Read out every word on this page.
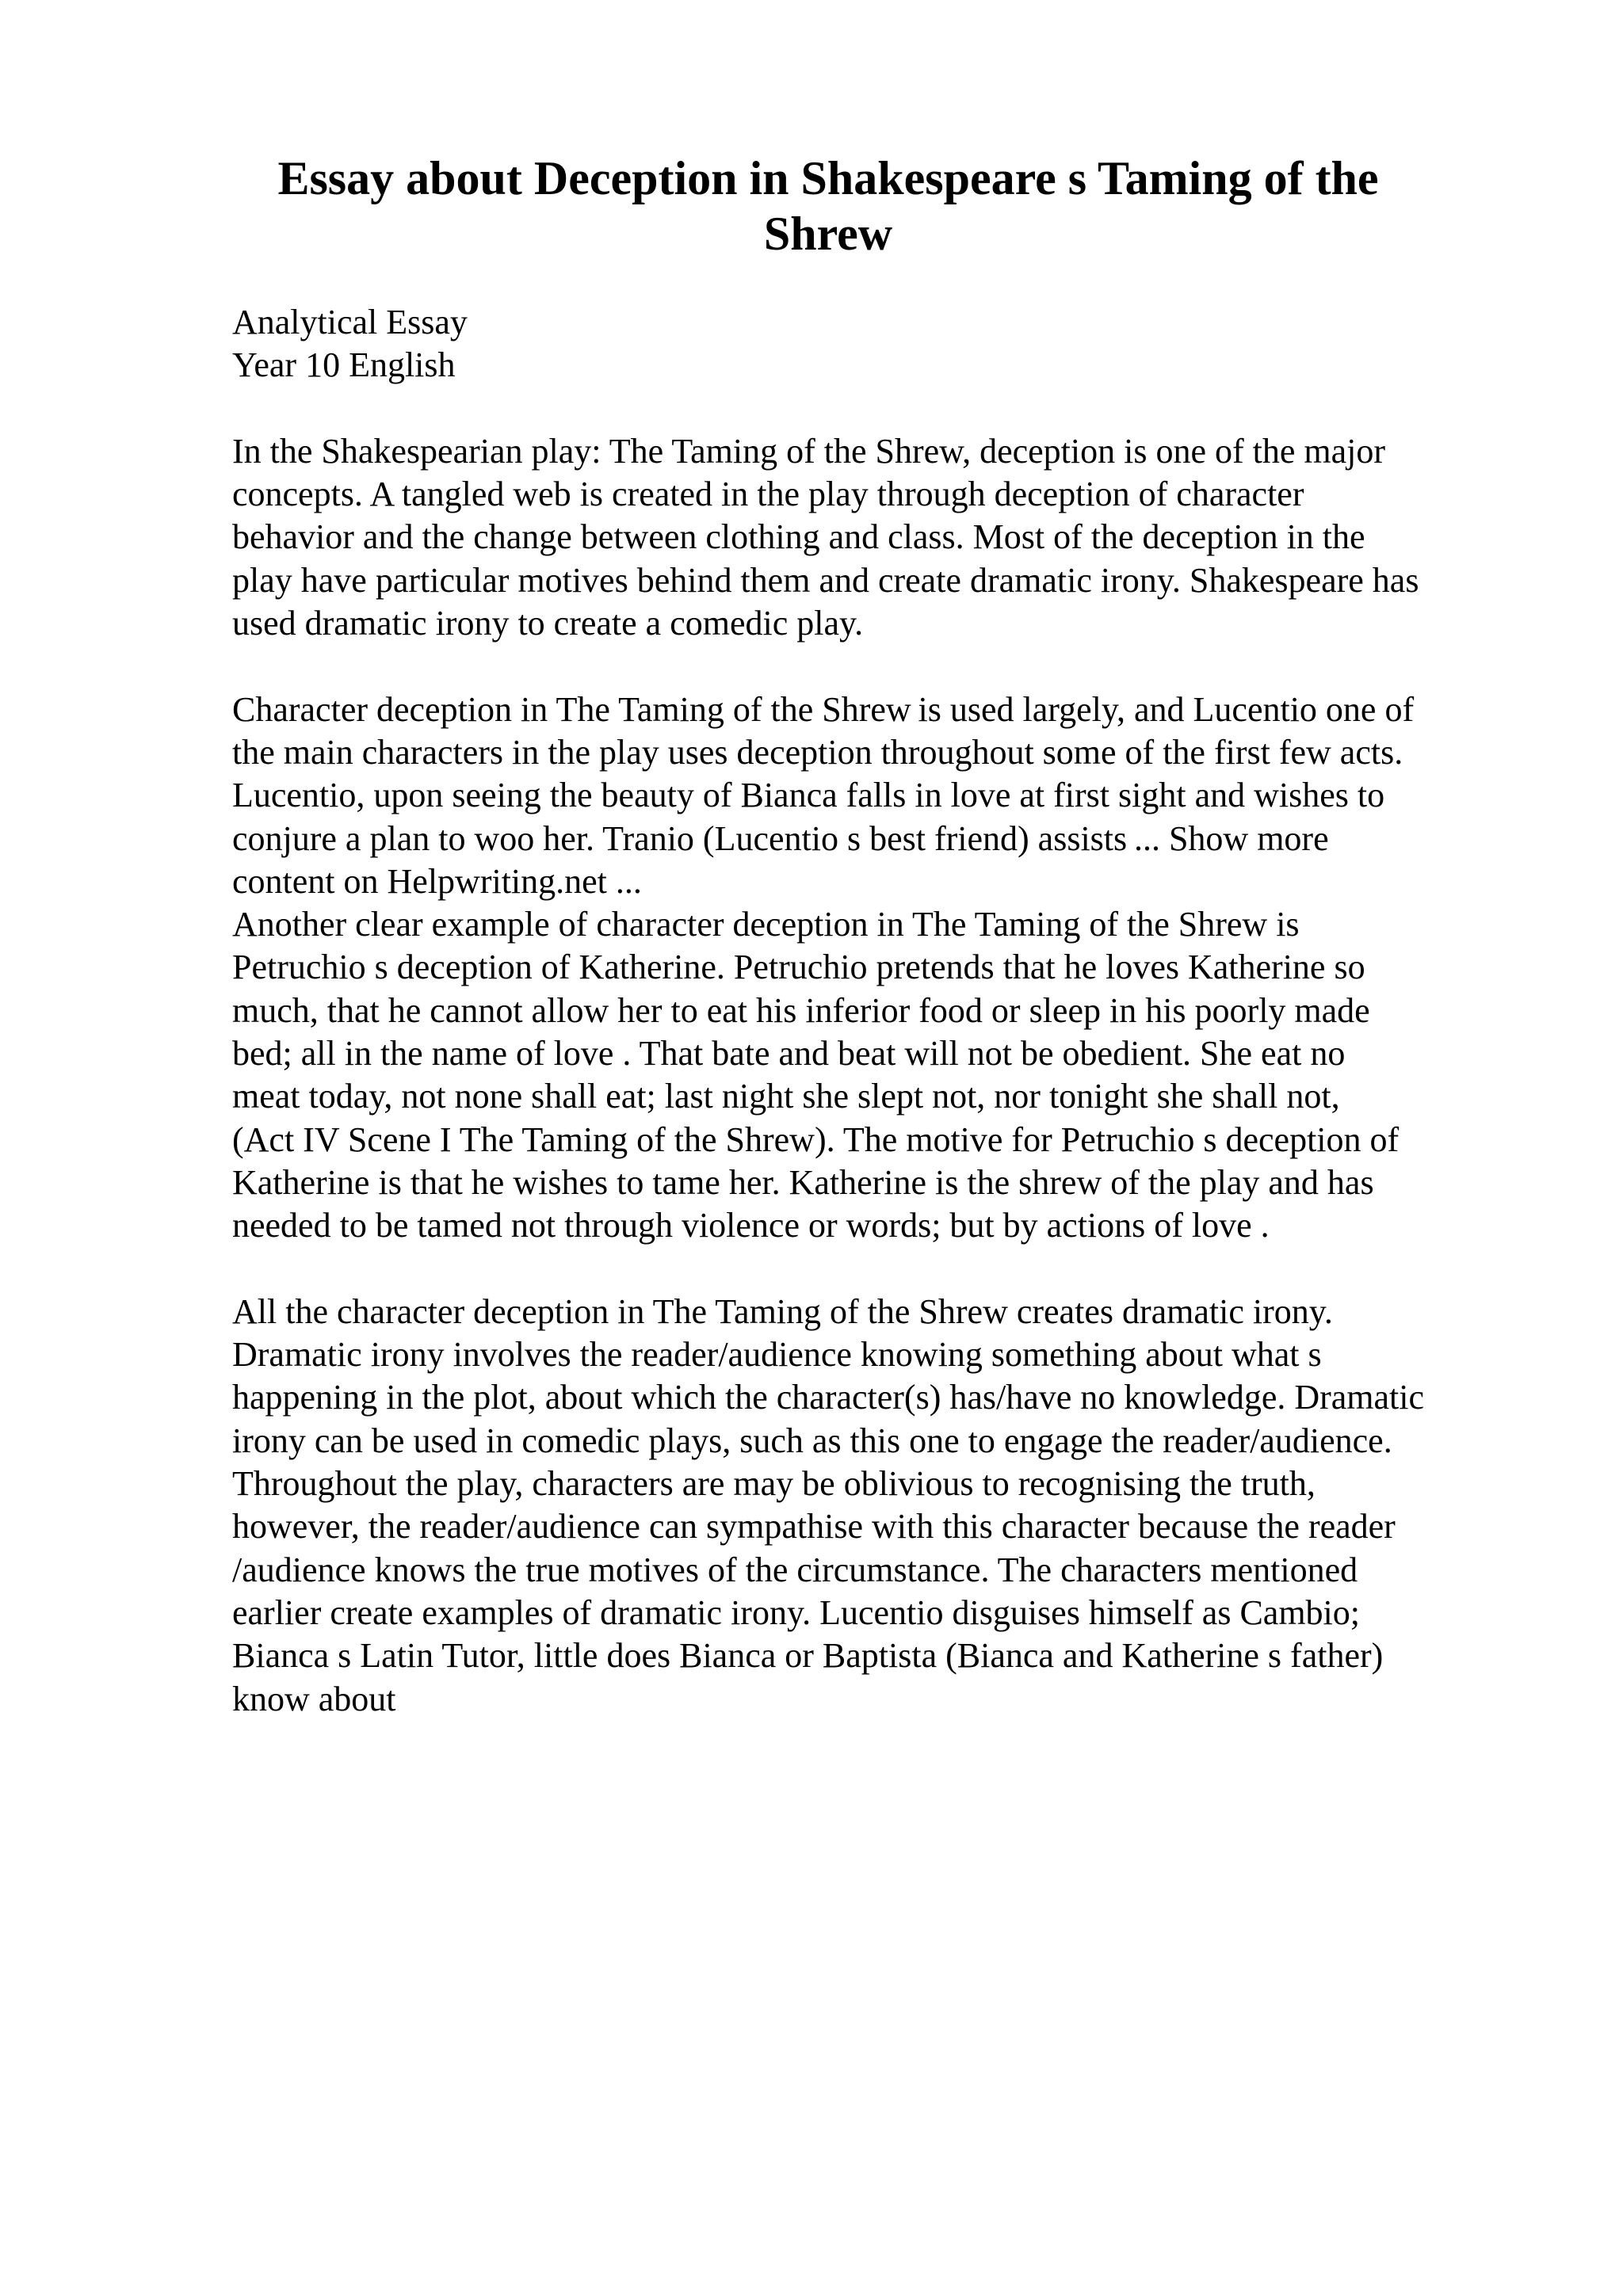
Essay about Deception in Shakespeare s Taming of the
Shrew

Analytical Essay

Year 10 English

In the Shakespearian play: The Taming of the Shrew, deception is one of the major
concepts. A tangled web is created in the play through deception of character
behavior and the change between clothing and class. Most of the deception in the
play have particular motives behind them and create dramatic irony. Shakespeare has
used dramatic irony to create a comedic play.

Character deception in The Taming of the Shrew is used largely, and Lucentio one of
the main characters in the play uses deception throughout some of the first few acts.
Lucentio, upon seeing the beauty of Bianca falls in love at first sight and wishes to
conjure a plan to woo her. Tranio (Lucentio s best friend) assists ... Show more
content on Helpwriting.net ...

Another clear example of character deception in The Taming of the Shrew is
Petruchio s deception of Katherine. Petruchio pretends that he loves Katherine so
much, that he cannot allow her to eat his inferior food or sleep in his poorly made
bed; all in the name of love . That bate and beat will not be obedient. She eat no
meat today, not none shall eat; last night she slept not, nor tonight she shall not,
(Act IV Scene I The Taming of the Shrew). The motive for Petruchio s deception of
Katherine is that he wishes to tame her. Katherine is the shrew of the play and has
needed to be tamed not through violence or words; but by actions of love .

All the character deception in The Taming of the Shrew creates dramatic irony.
Dramatic irony involves the reader/audience knowing something about what s
happening in the plot, about which the character(s) has/have no knowledge. Dramatic
irony can be used in comedic plays, such as this one to engage the reader/audience.
Throughout the play, characters are may be oblivious to recognising the truth,
however, the reader/audience can sympathise with this character because the reader
/audience knows the true motives of the circumstance. The characters mentioned
earlier create examples of dramatic irony. Lucentio disguises himself as Cambio;
Bianca s Latin Tutor, little does Bianca or Baptista (Bianca and Katherine s father)
know about
